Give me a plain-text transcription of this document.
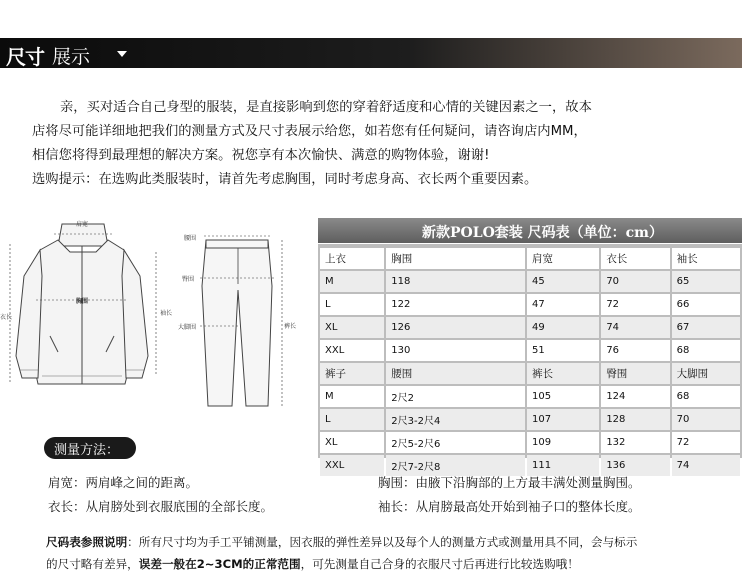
尺寸 展示

亲，买对适合自己身型的服装，是直接影响到您的穿着舒适度和心情的关键因素之一，故本

店将尽可能详细地把我们的测量方式及尺寸表展示给您，如若您有任何疑问，请咨询店内MM，

相信您将得到最理想的解决方案。祝您享有本次愉快、满意的购物体验，谢谢!

选购提示：在选购此类服装时，请首先考虑胸围，同时考虑身高、衣长两个重要因素。

肩宽
胸围
衣长
袖长
腰围
臀围
大脚围	裤长
新款POLO套装 尺码表（单位：cm）
上衣	胸围	肩宽	衣长	袖长
M	118	45	70	65
L	122	47	72	66
XL	126	49	74	67
XXL	130	51	76	68
裤子	腰围	裤长	臀围	大脚围
M	2尺2	105	124	68
L	2尺3-2尺4	107	128	70
XL	2尺5-2尺6	109	132	72
XXL	2尺7-2尺8	111	136	74
测量方法：
肩宽：两肩峰之间的距离。	胸围：由腋下沿胸部的上方最丰满处测量胸围。
衣长：从肩膀处到衣服底围的全部长度。	袖长：从肩膀最高处开始到袖子口的整体长度。

尺码表参照说明：所有尺寸均为手工平铺测量，因衣服的弹性差异以及每个人的测量方式或测量用具不同，会与标示

的尺寸略有差异，误差一般在2~3CM的正常范围，可先测量自己合身的衣服尺寸后再进行比较选购哦！
